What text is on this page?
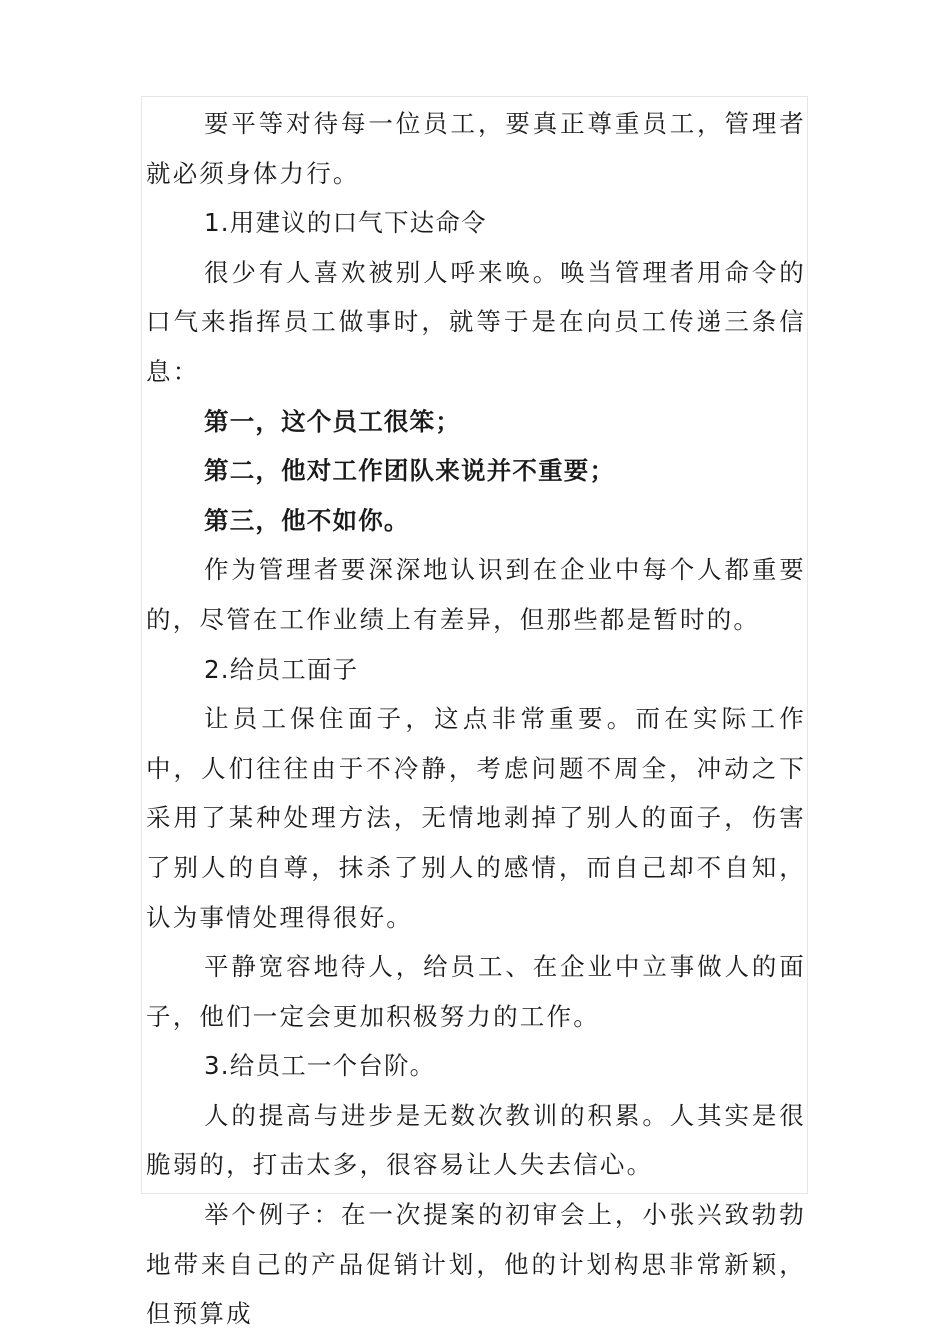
要平等对待每一位员工，要真正尊重员工，管理者就必须身体力行。

1.用建议的口气下达命令

很少有人喜欢被别人呼来唤。唤当管理者用命令的口气来指挥员工做事时，就等于是在向员工传递三条信息：

第一，这个员工很笨；

第二，他对工作团队来说并不重要；

第三，他不如你。

作为管理者要深深地认识到在企业中每个人都重要的，尽管在工作业绩上有差异，但那些都是暂时的。

2.给员工面子

让员工保住面子，这点非常重要。而在实际工作中，人们往往由于不冷静，考虑问题不周全，冲动之下采用了某种处理方法，无情地剥掉了别人的面子，伤害了别人的自尊，抹杀了别人的感情，而自己却不自知，认为事情处理得很好。

平静宽容地待人，给员工、在企业中立事做人的面子，他们一定会更加积极努力的工作。

3.给员工一个台阶。

人的提高与进步是无数次教训的积累。人其实是很脆弱的，打击太多，很容易让人失去信心。

举个例子：在一次提案的初审会上，小张兴致勃勃地带来自己的产品促销计划，他的计划构思非常新颖，但预算成
